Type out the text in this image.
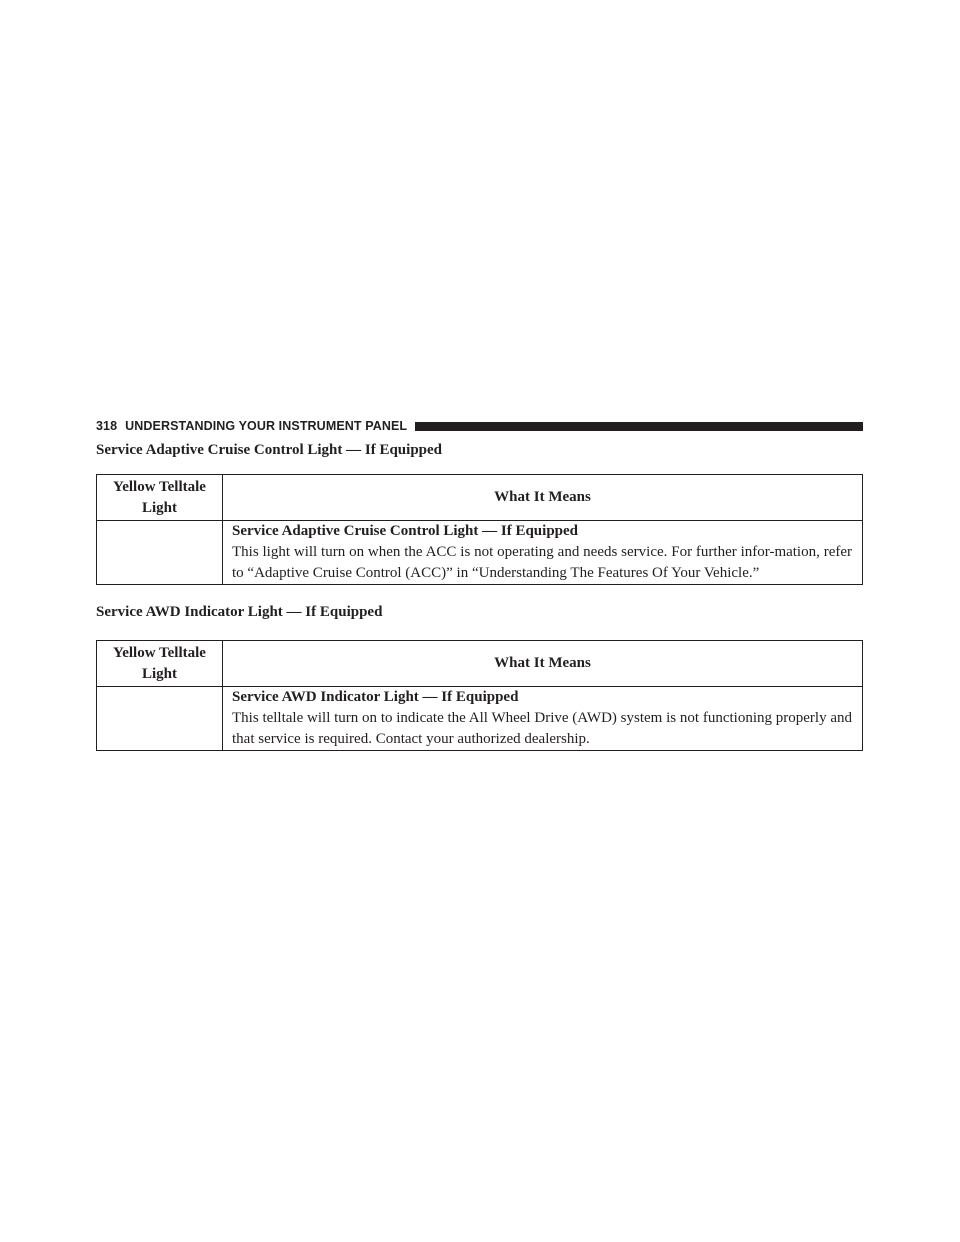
318 UNDERSTANDING YOUR INSTRUMENT PANEL
Service Adaptive Cruise Control Light — If Equipped
Yellow Telltale
Light	What It Means

	Service Adaptive Cruise Control Light — If Equipped
This light will turn on when the ACC is not operating and needs service. For further infor-mation, refer to “Adaptive Cruise Control (ACC)” in “Understanding The Features Of Your Vehicle.”
Service AWD Indicator Light — If Equipped
Yellow Telltale
Light	What It Means

	Service AWD Indicator Light — If Equipped
This telltale will turn on to indicate the All Wheel Drive (AWD) system is not functioning properly and that service is required. Contact your authorized dealership.
